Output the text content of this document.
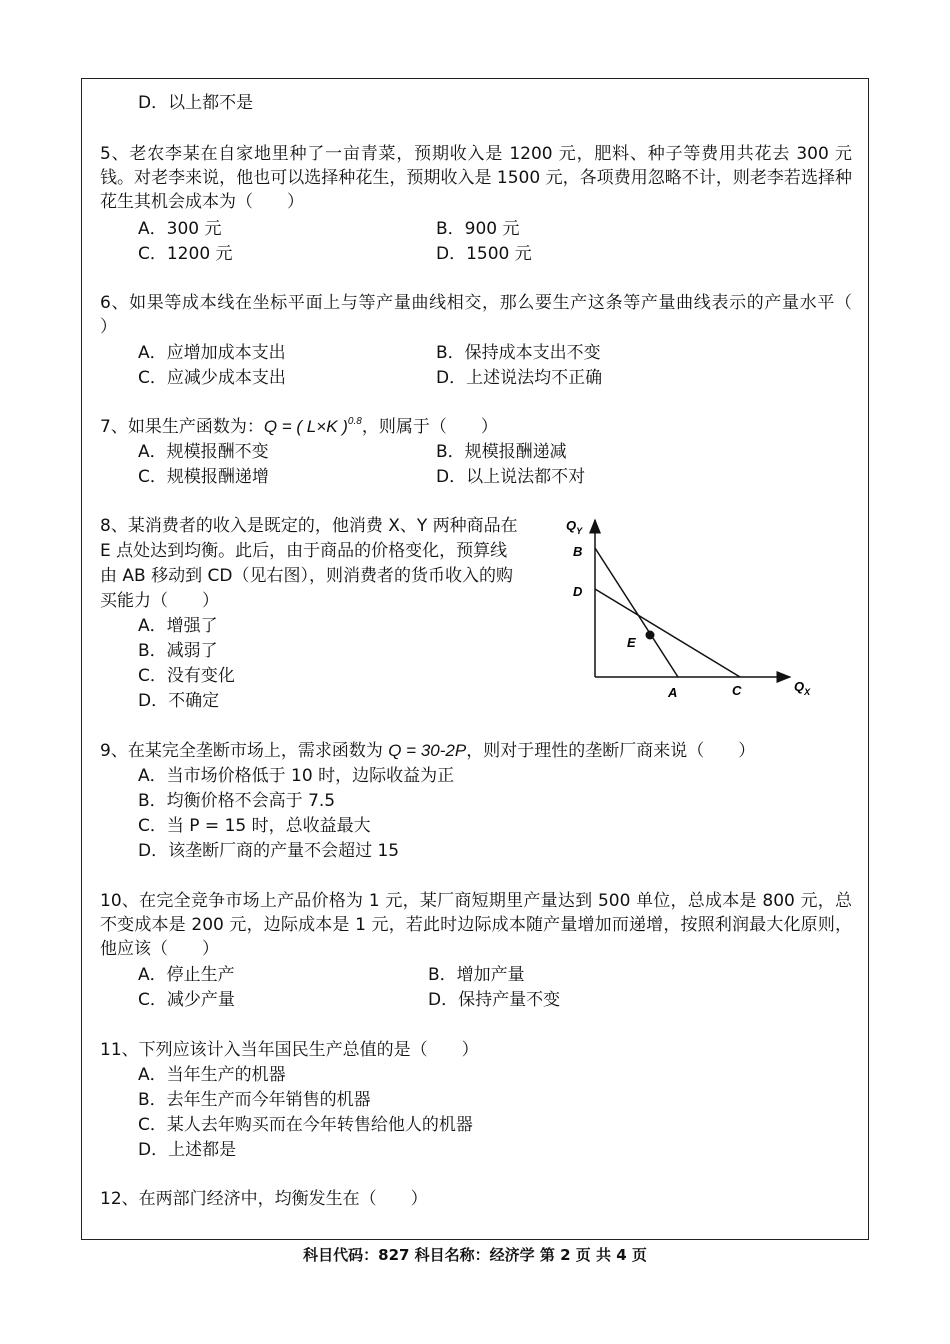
D．以上都不是
5、老农李某在自家地里种了一亩青菜，预期收入是 1200 元，肥料、种子等费用共花去 300 元钱。对老李来说，他也可以选择种花生，预期收入是 1500 元，各项费用忽略不计，则老李若选择种花生其机会成本为（　　）
A．300 元	B．900 元
C．1200 元	D．1500 元
6、如果等成本线在坐标平面上与等产量曲线相交，那么要生产这条等产量曲线表示的产量水平（　　）
A．应增加成本支出	B．保持成本支出不变
C．应减少成本支出	D．上述说法均不正确
7、如果生产函数为：Q = ( L×K )$^{0.8}$，则属于（　　）
A．规模报酬不变	B．规模报酬递减
C．规模报酬递增	D．以上说法都不对
8、某消费者的收入是既定的，他消费 X、Y 两种商品在
E 点处达到均衡。此后，由于商品的价格变化，预算线
由 AB 移动到 CD（见右图），则消费者的货币收入的购
买能力（　　）
A．增强了
B．减弱了
C．没有变化
D．不确定
$Q_Y$
$Q_X$
B
D
E
A	C
9、在某完全垄断市场上，需求函数为 Q = 30-2P，则对于理性的垄断厂商来说（　　）
A．当市场价格低于 10 时，边际收益为正
B．均衡价格不会高于 7.5
C．当 P = 15 时，总收益最大
D．该垄断厂商的产量不会超过 15
10、在完全竞争市场上产品价格为 1 元，某厂商短期里产量达到 500 单位，总成本是 800 元，总不变成本是 200 元，边际成本是 1 元，若此时边际成本随产量增加而递增，按照利润最大化原则，他应该（　　）
A．停止生产	B．增加产量
C．减少产量	D．保持产量不变
11、下列应该计入当年国民生产总值的是（　　）
A．当年生产的机器
B．去年生产而今年销售的机器
C．某人去年购买而在今年转售给他人的机器
D．上述都是
12、在两部门经济中，均衡发生在（　　）
科目代码：827 科目名称：经济学 第 2 页 共 4 页
